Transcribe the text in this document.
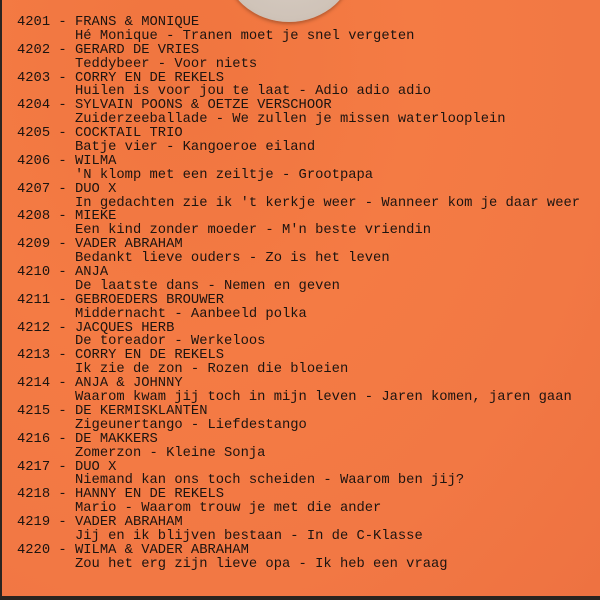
4201 - FRANS & MONIQUE
Hé Monique - Tranen moet je snel vergeten
4202 - GERARD DE VRIES
Teddybeer - Voor niets
4203 - CORRY EN DE REKELS
Huilen is voor jou te laat - Adio adio adio
4204 - SYLVAIN POONS & OETZE VERSCHOOR
Zuiderzeeballade - We zullen je missen waterlooplein
4205 - COCKTAIL TRIO
Batje vier - Kangoeroe eiland
4206 - WILMA
'N klomp met een zeiltje - Grootpapa
4207 - DUO X
In gedachten zie ik 't kerkje weer - Wanneer kom je daar weer
4208 - MIEKE
Een kind zonder moeder - M'n beste vriendin
4209 - VADER ABRAHAM
Bedankt lieve ouders - Zo is het leven
4210 - ANJA
De laatste dans - Nemen en geven
4211 - GEBROEDERS BROUWER
Middernacht - Aanbeeld polka
4212 - JACQUES HERB
De toreador - Werkeloos
4213 - CORRY EN DE REKELS
Ik zie de zon - Rozen die bloeien
4214 - ANJA & JOHNNY
Waarom kwam jij toch in mijn leven - Jaren komen, jaren gaan
4215 - DE KERMISKLANTEN
Zigeunertango - Liefdestango
4216 - DE MAKKERS
Zomerzon - Kleine Sonja
4217 - DUO X
Niemand kan ons toch scheiden - Waarom ben jij?
4218 - HANNY EN DE REKELS
Mario - Waarom trouw je met die ander
4219 - VADER ABRAHAM
Jij en ik blijven bestaan - In de C-Klasse
4220 - WILMA & VADER ABRAHAM
Zou het erg zijn lieve opa - Ik heb een vraag
